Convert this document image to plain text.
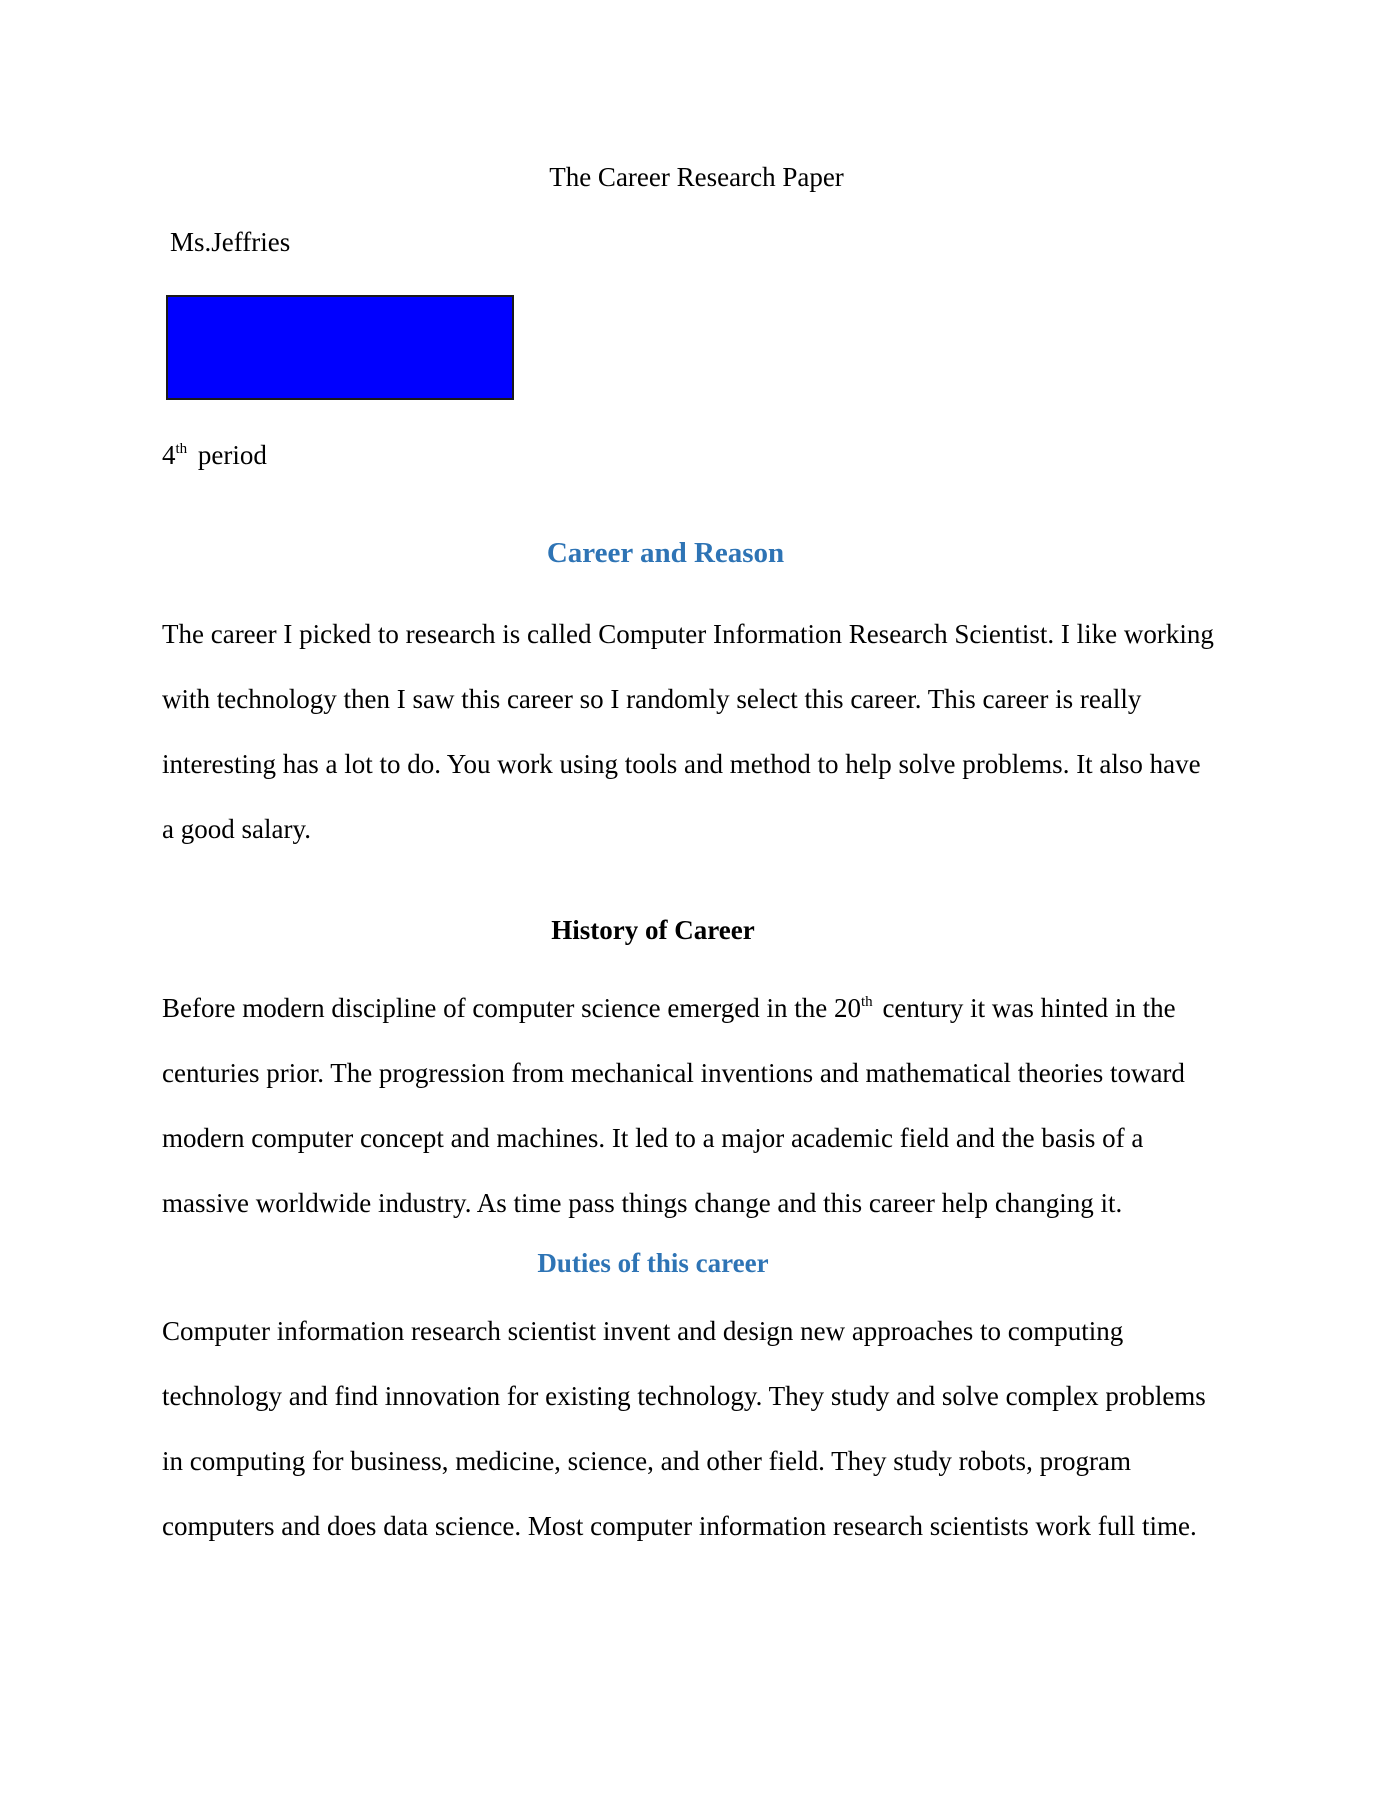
The Career Research Paper

Ms.Jeffries

4th period

Career and Reason

The career I picked to research is called Computer Information Research Scientist. I like working

with technology then I saw this career so I randomly select this career. This career is really

interesting has a lot to do. You work using tools and method to help solve problems. It also have

a good salary.

History of Career

Before modern discipline of computer science emerged in the 20th century it was hinted in the

centuries prior. The progression from mechanical inventions and mathematical theories toward

modern computer concept and machines. It led to a major academic field and the basis of a

massive worldwide industry. As time pass things change and this career help changing it.

Duties of this career

Computer information research scientist invent and design new approaches to computing

technology and find innovation for existing technology. They study and solve complex problems

in computing for business, medicine, science, and other field. They study robots, program

computers and does data science. Most computer information research scientists work full time.
